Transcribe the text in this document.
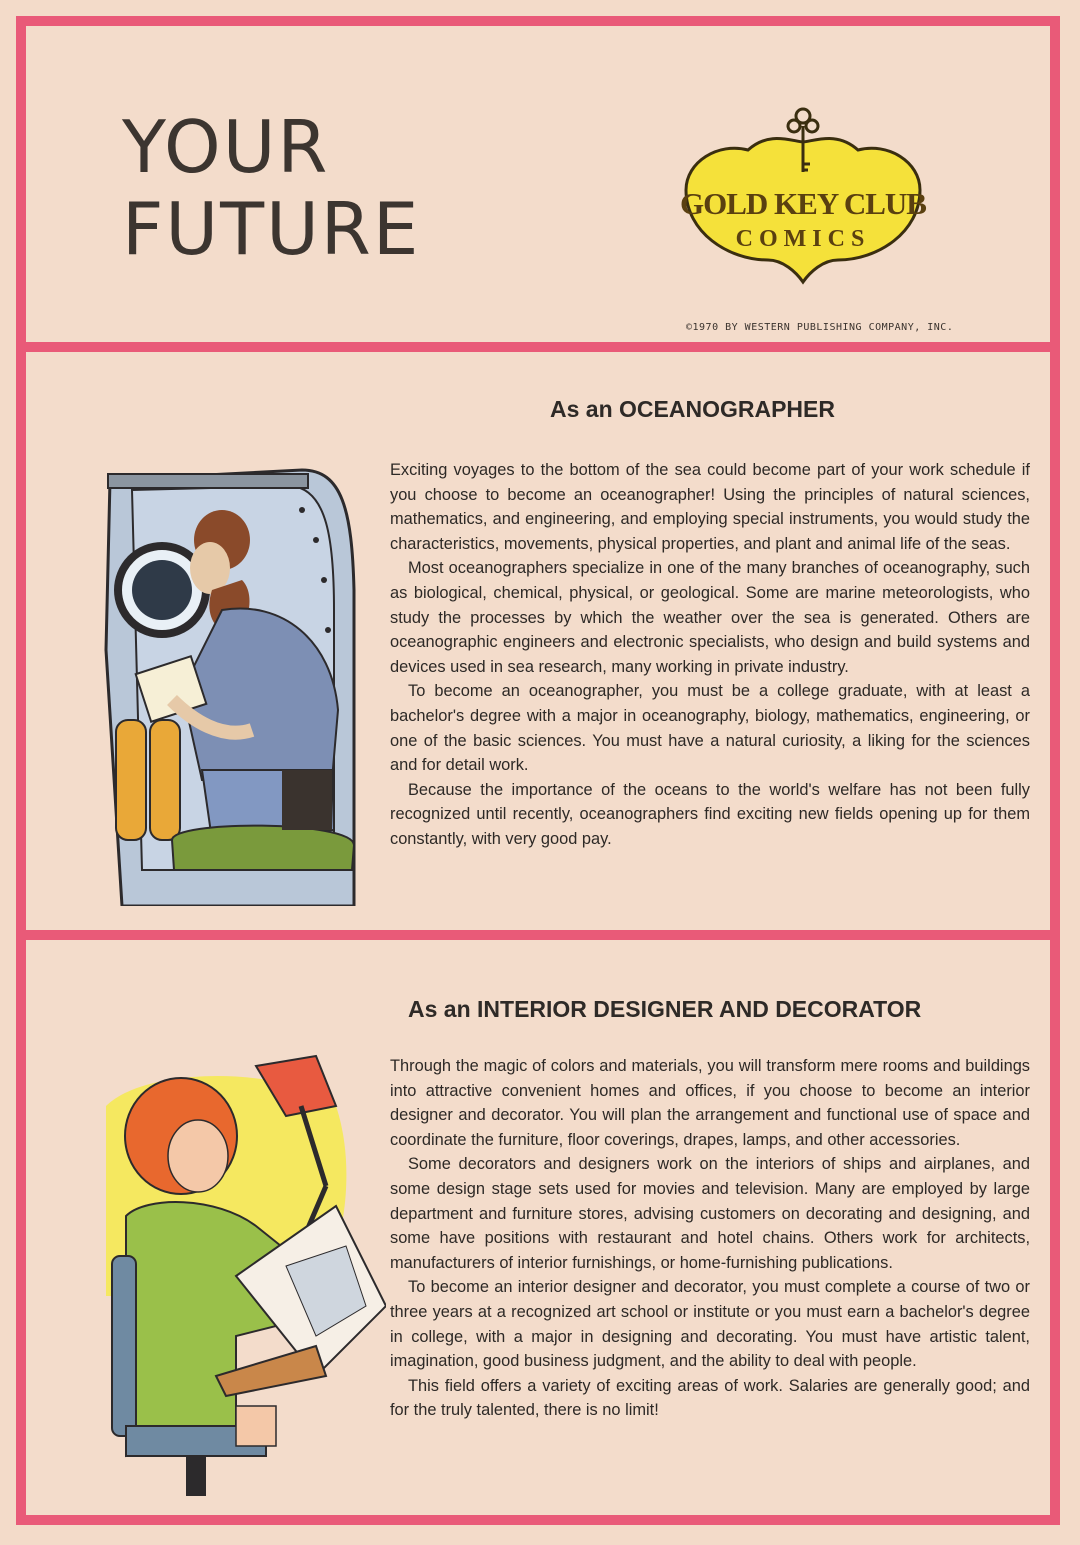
YOUR
FUTURE	GOLD KEY CLUB
COMICS
©1970 BY WESTERN PUBLISHING COMPANY, INC.
As an OCEANOGRAPHER

Exciting voyages to the bottom of the sea could become part of your work schedule if you choose to become an oceanographer! Using the principles of natural sciences, mathematics, and engineering, and employing special instruments, you would study the characteristics, movements, physical properties, and plant and animal life of the seas.

Most oceanographers specialize in one of the many branches of oceanography, such as biological, chemical, physical, or geological. Some are marine meteorologists, who study the processes by which the weather over the sea is generated. Others are oceanographic engineers and electronic specialists, who design and build systems and devices used in sea research, many working in private industry.

To become an oceanographer, you must be a college graduate, with at least a bachelor's degree with a major in oceanography, biology, mathematics, engineering, or one of the basic sciences. You must have a natural curiosity, a liking for the sciences and for detail work.

Because the importance of the oceans to the world's welfare has not been fully recognized until recently, oceanographers find exciting new fields opening up for them constantly, with very good pay.

As an INTERIOR DESIGNER AND DECORATOR

Through the magic of colors and materials, you will transform mere rooms and buildings into attractive convenient homes and offices, if you choose to become an interior designer and decorator. You will plan the arrangement and functional use of space and coordinate the furniture, floor coverings, drapes, lamps, and other accessories.

Some decorators and designers work on the interiors of ships and airplanes, and some design stage sets used for movies and television. Many are employed by large department and furniture stores, advising customers on decorating and designing, and some have positions with restaurant and hotel chains. Others work for architects, manufacturers of interior furnishings, or home-furnishing publications.

To become an interior designer and decorator, you must complete a course of two or three years at a recognized art school or institute or you must earn a bachelor's degree in college, with a major in designing and decorating. You must have artistic talent, imagination, good business judgment, and the ability to deal with people.

This field offers a variety of exciting areas of work. Salaries are generally good; and for the truly talented, there is no limit!
